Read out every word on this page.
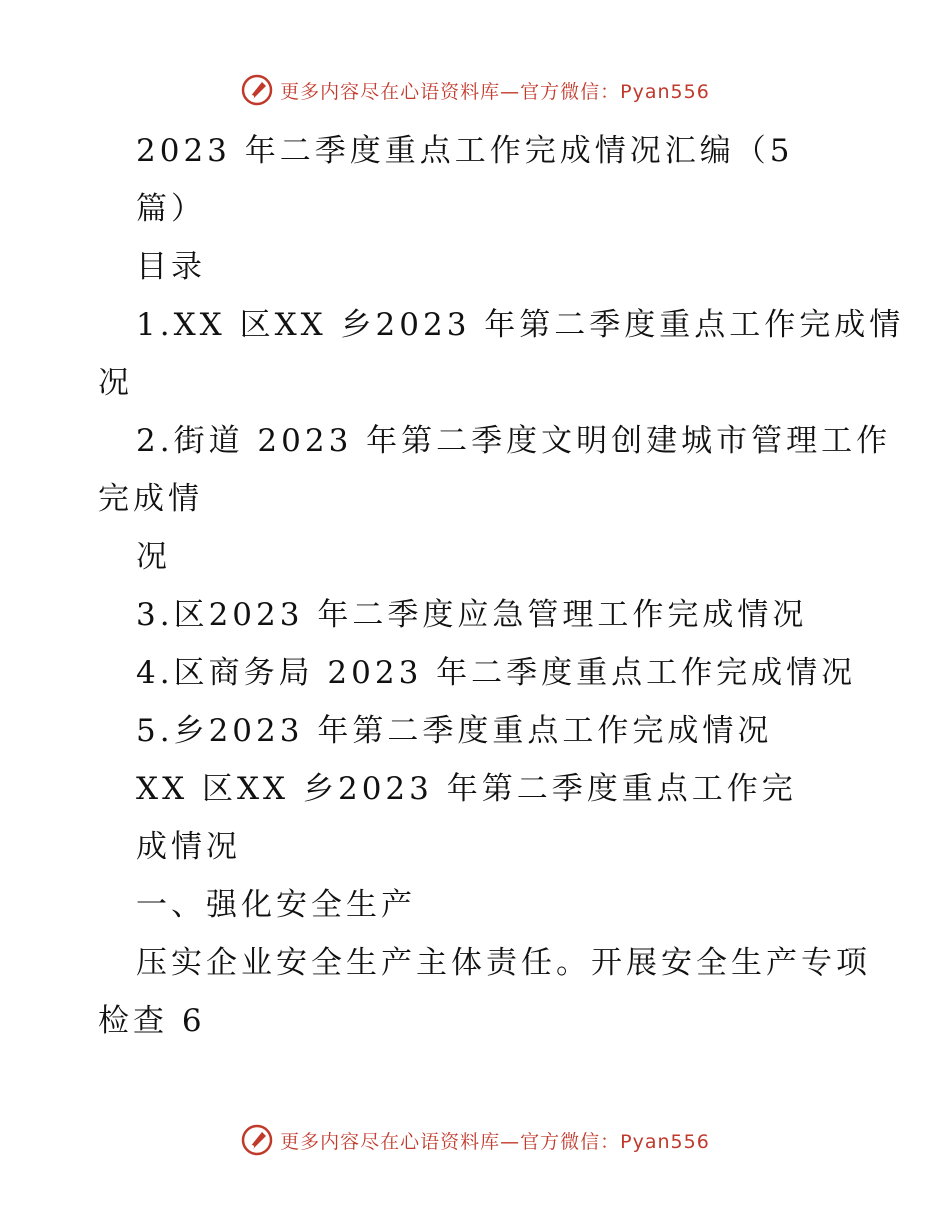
更多内容尽在心语资料库—官方微信：Pyan556
2023 年二季度重点工作完成情况汇编（5
篇）
目录
1.XX 区XX 乡2023 年第二季度重点工作完成情
况
2.街道 2023 年第二季度文明创建城市管理工作
完成情
况
3.区2023 年二季度应急管理工作完成情况
4.区商务局 2023 年二季度重点工作完成情况
5.乡2023 年第二季度重点工作完成情况
XX 区XX 乡2023 年第二季度重点工作完
成情况
一、强化安全生产
压实企业安全生产主体责任。开展安全生产专项
检查 6
更多内容尽在心语资料库—官方微信：Pyan556
